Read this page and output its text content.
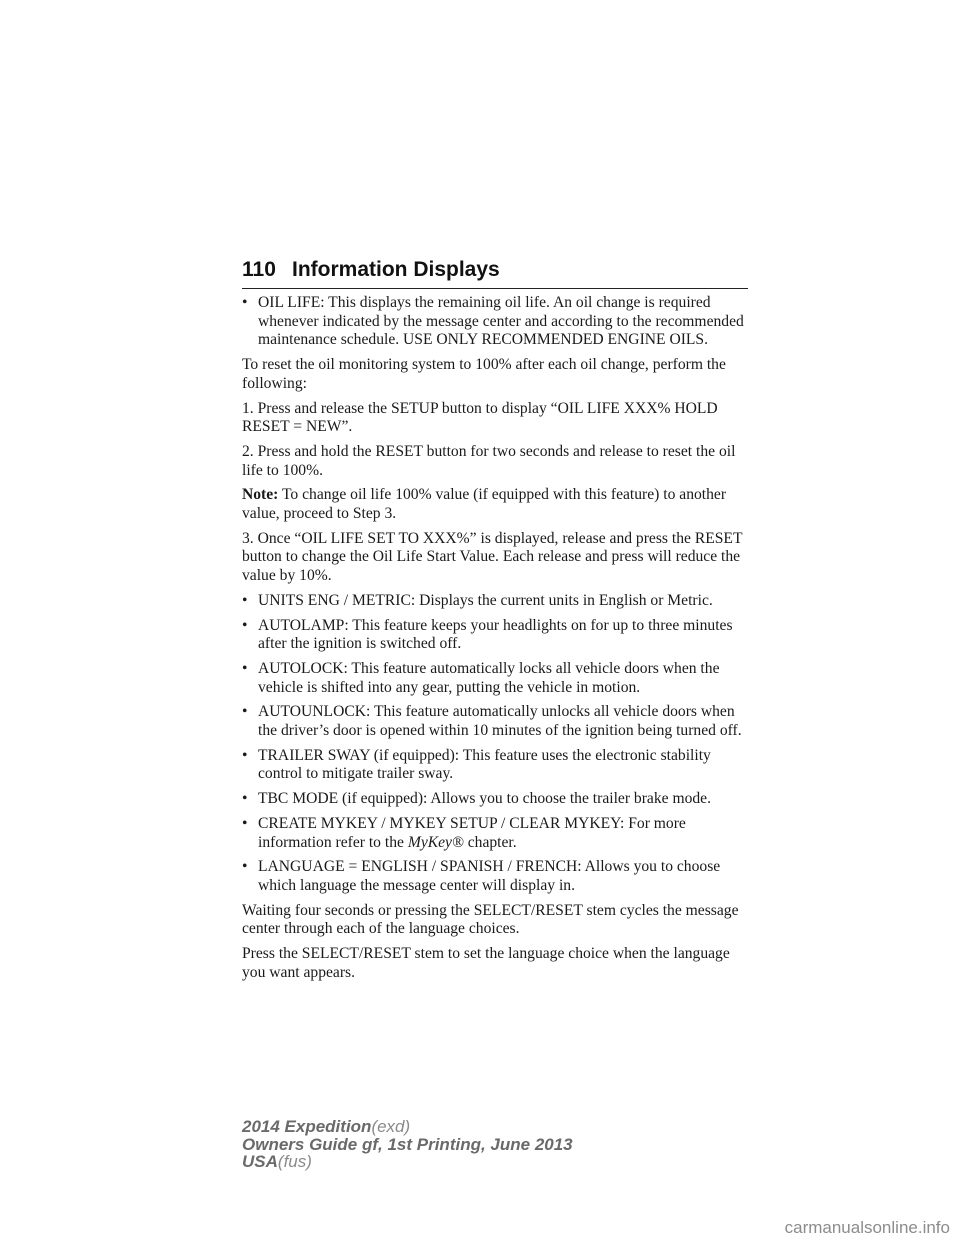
110 Information Displays
• OIL LIFE: This displays the remaining oil life. An oil change is required whenever indicated by the message center and according to the recommended maintenance schedule. USE ONLY RECOMMENDED ENGINE OILS.

To reset the oil monitoring system to 100% after each oil change, perform the following:

1. Press and release the SETUP button to display “OIL LIFE XXX% HOLD RESET = NEW”.

2. Press and hold the RESET button for two seconds and release to reset the oil life to 100%.

Note: To change oil life 100% value (if equipped with this feature) to another value, proceed to Step 3.

3. Once “OIL LIFE SET TO XXX%” is displayed, release and press the RESET button to change the Oil Life Start Value. Each release and press will reduce the value by 10%.

• UNITS ENG / METRIC: Displays the current units in English or Metric.
• AUTOLAMP: This feature keeps your headlights on for up to three minutes after the ignition is switched off.
• AUTOLOCK: This feature automatically locks all vehicle doors when the vehicle is shifted into any gear, putting the vehicle in motion.
• AUTOUNLOCK: This feature automatically unlocks all vehicle doors when the driver’s door is opened within 10 minutes of the ignition being turned off.
• TRAILER SWAY (if equipped): This feature uses the electronic stability control to mitigate trailer sway.
• TBC MODE (if equipped): Allows you to choose the trailer brake mode.
• CREATE MYKEY / MYKEY SETUP / CLEAR MYKEY: For more information refer to the MyKey® chapter.
• LANGUAGE = ENGLISH / SPANISH / FRENCH: Allows you to choose which language the message center will display in.

Waiting four seconds or pressing the SELECT/RESET stem cycles the message center through each of the language choices.

Press the SELECT/RESET stem to set the language choice when the language you want appears.

2014 Expedition(exd)
Owners Guide gf, 1st Printing, June 2013
USA(fus)
carmanualsonline.info
